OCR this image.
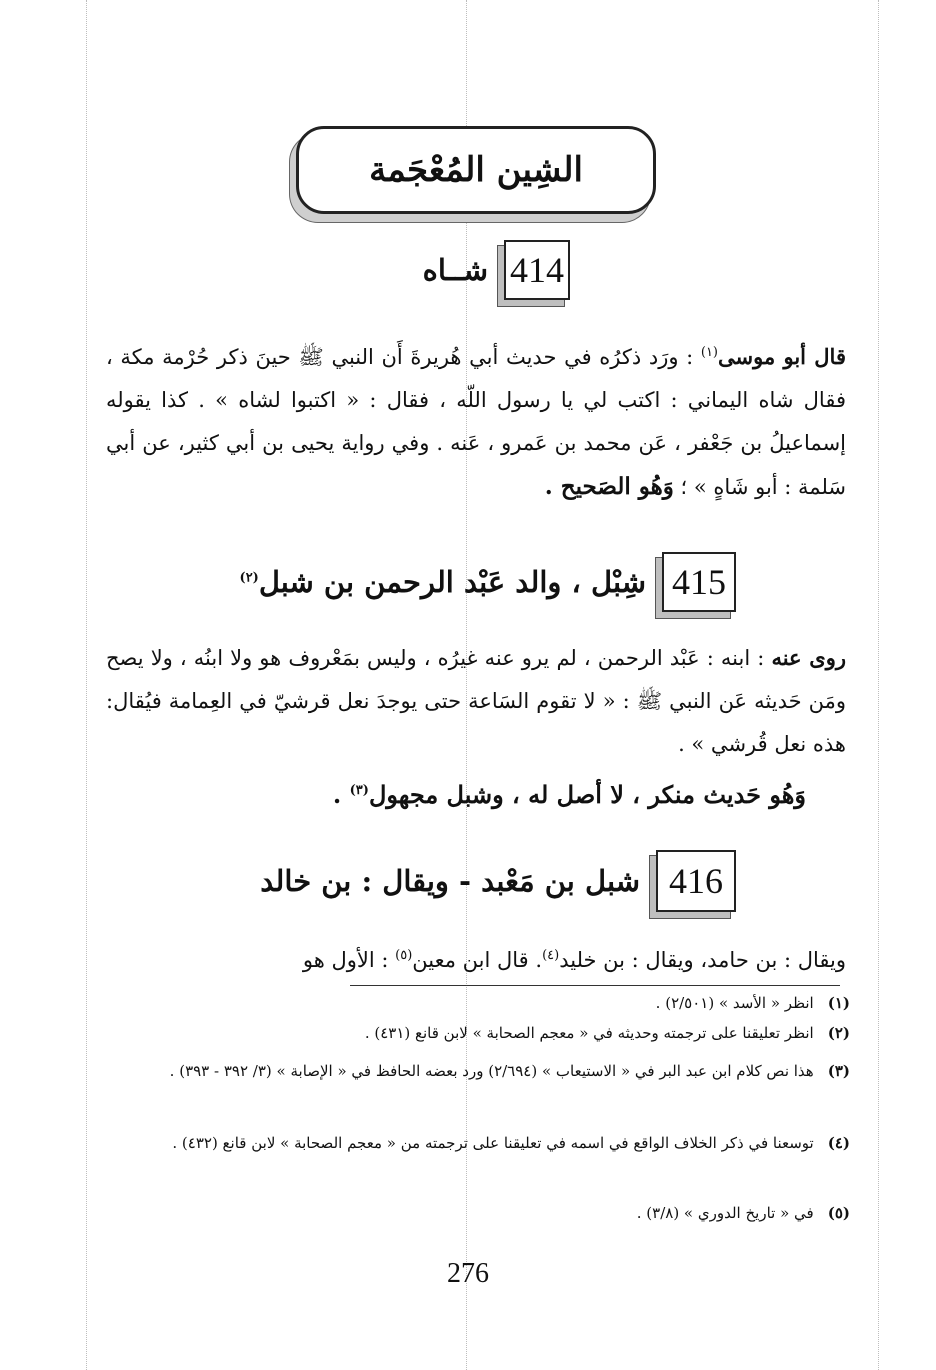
الشِين المُعْجَمة
414
شــاه
قال أبو موسى$^{(١)}$ : ورَد ذكرُه في حديث أبي هُريرةَ أَن النبي ﷺ حينَ ذكر حُرْمة مكة ، فقال شاه اليماني : اكتب لي يا رسول اللّه ، فقال : « اكتبوا لشاه » . كذا يقوله إسماعيلُ بن جَعْفر ، عَن محمد بن عَمرو ، عَنه . وفي رواية يحيى بن أبي كثير، عن أبي سَلمة : أبو شَاهٍ » ؛ وَهُو الصَحيح .
415
شِبْل ، والد عَبْد الرحمن بن شبل$^{(٢)}$
روى عنه : ابنه : عَبْد الرحمن ، لم يرو عنه غيرُه ، وليس بمَعْروف هو ولا ابنُه ، ولا يصح ومَن حَديثه عَن النبي ﷺ : « لا تقوم السَاعة حتى يوجدَ نعل قرشيّ في العِمامة فيُقال: هذه نعل قُرشي » .
وَهُو حَديث منكر ، لا أصل له ، وشبل مجهول$^{(٣)}$ .
416
شبل بن مَعْبد - ويقال : بن خالد
ويقال : بن حامد، ويقال : بن خليد$^{(٤)}$. قال ابن معين$^{(٥)}$ : الأول هو
(١)انظر « الأسد » (٢/٥٠١) .
(٢)انظر تعليقنا على ترجمته وحديثه في « معجم الصحابة » لابن قانع (٤٣١) .
(٣)هذا نص كلام ابن عبد البر في « الاستيعاب » (٢/٦٩٤) ورد بعضه الحافظ في « الإصابة » (٣/ ٣٩٢ - ٣٩٣) .
(٤)توسعنا في ذكر الخلاف الواقع في اسمه في تعليقنا على ترجمته من « معجم الصحابة » لابن قانع (٤٣٢) .
(٥)في « تاريخ الدوري » (٣/٨) .
276
